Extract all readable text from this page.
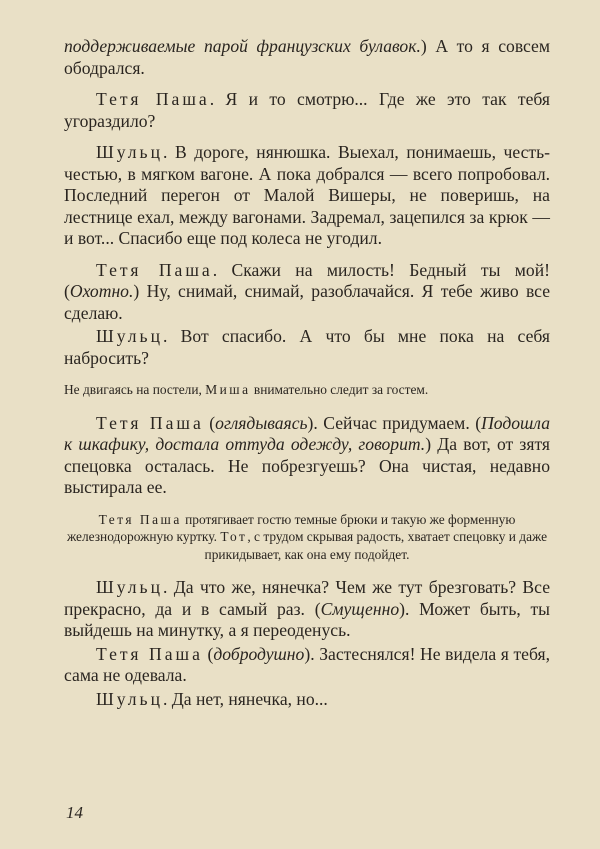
поддерживаемые парой французских булавок.) А то я совсем ободрался.

Тетя Паша. Я и то смотрю... Где же это так тебя угораздило?

Шульц. В дороге, нянюшка. Выехал, понимаешь, честь-честью, в мягком вагоне. А пока добрался — всего попробовал. Последний перегон от Малой Вишеры, не поверишь, на лестнице ехал, между вагонами. Задремал, зацепился за крюк — и вот... Спасибо еще под колеса не угодил.

Тетя Паша. Скажи на милость! Бедный ты мой! (Охотно.) Ну, снимай, снимай, разоблачайся. Я тебе живо все сделаю.

Шульц. Вот спасибо. А что бы мне пока на себя набросить?

Не двигаясь на постели, Миша внимательно следит за гостем.

Тетя Паша (оглядываясь). Сейчас придумаем. (Подошла к шкафику, достала оттуда одежду, говорит.) Да вот, от зятя спецовка осталась. Не побрезгуешь? Она чистая, недавно выстирала ее.

Тетя Паша протягивает гостю темные брюки и такую же форменную железнодорожную куртку. Тот, с трудом скрывая радость, хватает спецовку и даже прикидывает, как она ему подойдет.

Шульц. Да что же, нянечка? Чем же тут брезговать? Все прекрасно, да и в самый раз. (Смущенно). Может быть, ты выйдешь на минутку, а я переоденусь.

Тетя Паша (добродушно). Застеснялся! Не видела я тебя, сама не одевала.

Шульц. Да нет, нянечка, но...

14
